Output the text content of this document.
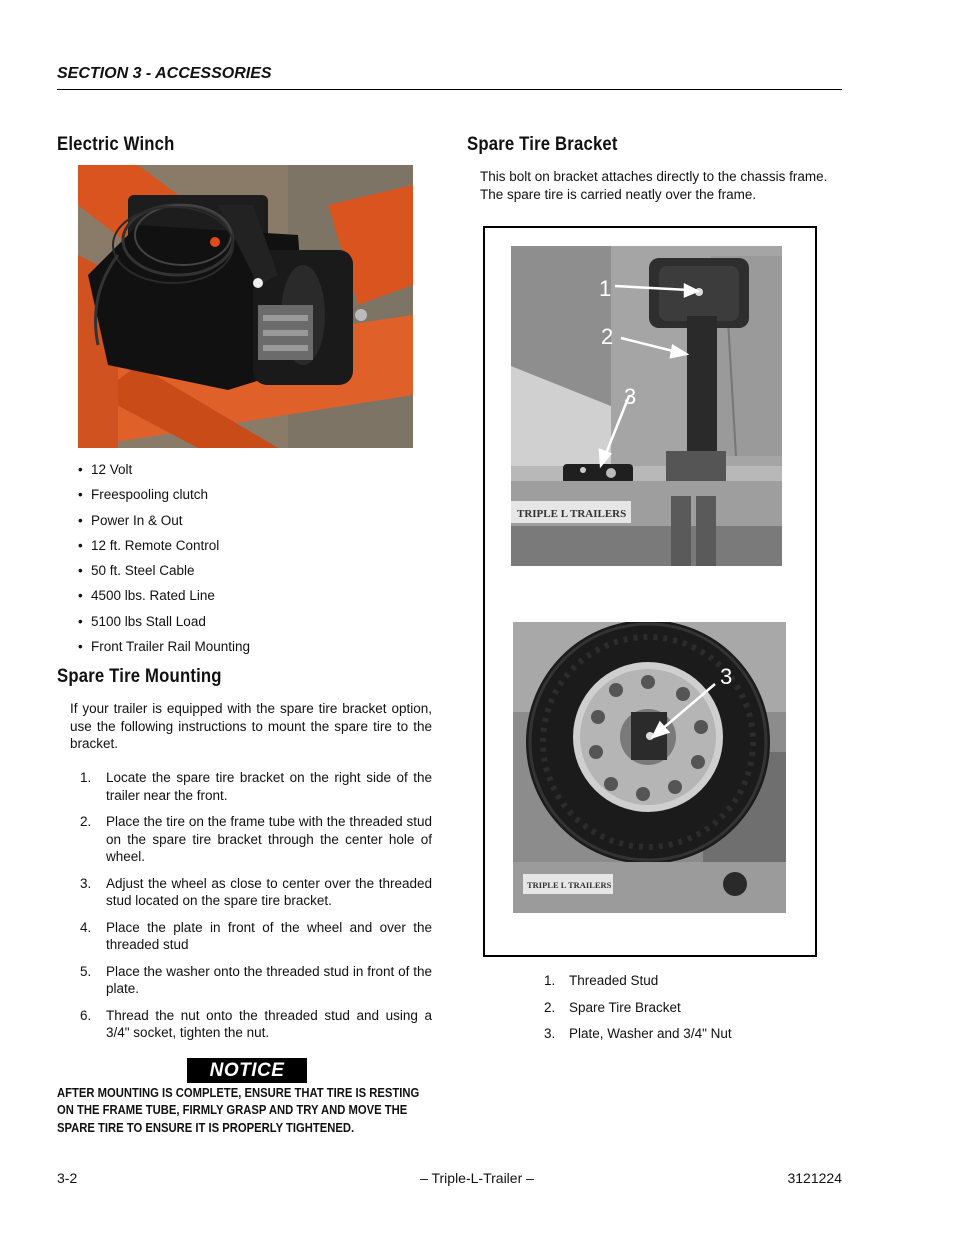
SECTION 3 - ACCESSORIES
Electric Winch
• 12 Volt
• Freespooling clutch
• Power In & Out
• 12 ft. Remote Control
• 50 ft. Steel Cable
• 4500 lbs. Rated Line
• 5100 lbs Stall Load
• Front Trailer Rail Mounting
Spare Tire Mounting
If your trailer is equipped with the spare tire bracket option, use the following instructions to mount the spare tire to the bracket.
1. Locate the spare tire bracket on the right side of the trailer near the front.
2. Place the tire on the frame tube with the threaded stud on the spare tire bracket through the center hole of wheel.
3. Adjust the wheel as close to center over the threaded stud located on the spare tire bracket.
4. Place the plate in front of the wheel and over the threaded stud
5. Place the washer onto the threaded stud in front of the plate.
6. Thread the nut onto the threaded stud and using a 3/4" socket, tighten the nut.
NOTICE
AFTER MOUNTING IS COMPLETE, ENSURE THAT TIRE IS RESTING ON THE FRAME TUBE, FIRMLY GRASP AND TRY AND MOVE THE SPARE TIRE TO ENSURE IT IS PROPERLY TIGHTENED.
Spare Tire Bracket
This bolt on bracket attaches directly to the chassis frame. The spare tire is carried neatly over the frame.
TRIPLE L TRAILERS
1
2
3
TRIPLE L TRAILERS
3
1. Threaded Stud
2. Spare Tire Bracket
3. Plate, Washer and 3/4" Nut
3-2	– Triple-L-Trailer –	3121224
